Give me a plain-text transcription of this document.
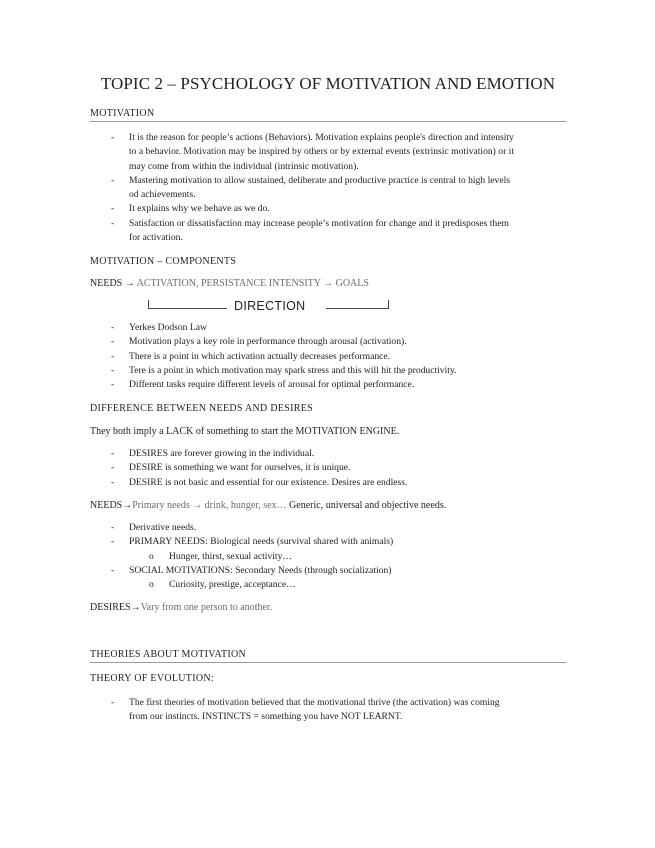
TOPIC 2 – PSYCHOLOGY OF MOTIVATION AND EMOTION
MOTIVATION
- It is the reason for people’s actions (Behaviors). Motivation explains people's direction and intensity
to a behavior. Motivation may be inspired by others or by external events (extrinsic motivation) or it
may come from within the individual (intrinsic motivation).
- Mastering motivation to allow sustained, deliberate and productive practice is central to high levels
od achievements.
- It explains why we behave as we do.
- Satisfaction or dissatisfaction may increase people’s motivation for change and it predisposes them
for activation.
MOTIVATION – COMPONENTS
NEEDS → ACTIVATION, PERSISTANCE INTENSITY → GOALS
DIRECTION
- Yerkes Dodson Law
- Motivation plays a key role in performance through arousal (activation).
- There is a point in which activation actually decreases performance.
- Tere is a point in which motivation may spark stress and this will hit the productivity.
- Different tasks require different levels of arousal for optimal performance.
DIFFERENCE BETWEEN NEEDS AND DESIRES
They both imply a LACK of something to start the MOTIVATION ENGINE.
- DESIRES are forever growing in the individual.
- DESIRE is something we want for ourselves, it is unique.
- DESIRE is not basic and essential for our existence. Desires are endless.
NEEDS→Primary needs → drink, hunger, sex… Generic, universal and objective needs.
- Derivative needs.
- PRIMARY NEEDS: Biological needs (survival shared with animals)
o Hunger, thirst, sexual activity…
- SOCIAL MOTIVATIONS: Secondary Needs (through socialization)
o Curiosity, prestige, acceptance…
DESIRES→Vary from one person to another.
THEORIES ABOUT MOTIVATION
THEORY OF EVOLUTION:
- The first theories of motivation believed that the motivational thrive (the activation) was coming
from our instincts. INSTINCTS = something you have NOT LEARNT.
